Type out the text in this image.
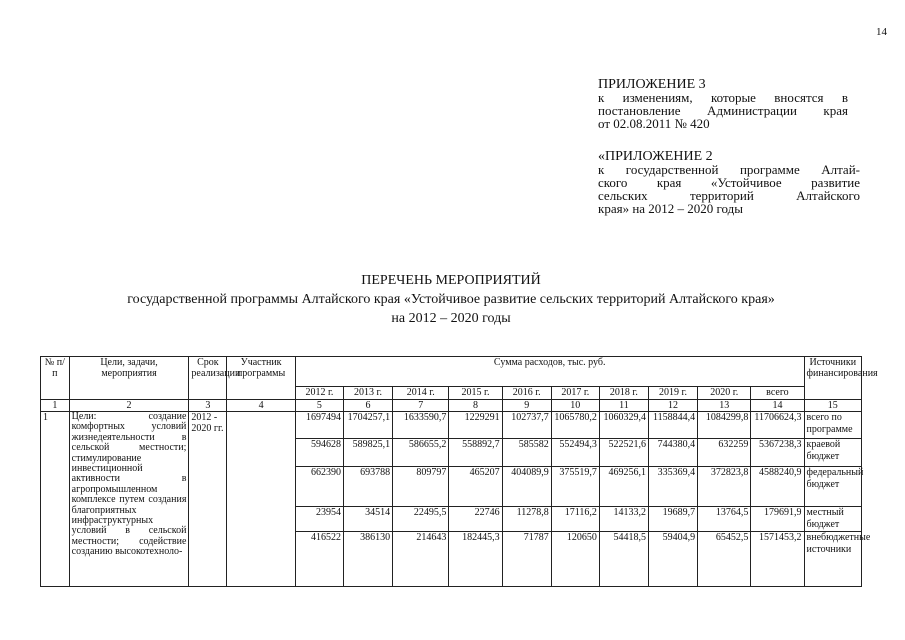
14
ПРИЛОЖЕНИЕ 3
к изменениям, которые вносятся в
постановление Администрации края
от 02.08.2011 № 420
«ПРИЛОЖЕНИЕ 2
к государственной программе Алтай-
ского края «Устойчивое развитие
сельских территорий Алтайского
края» на 2012 – 2020 годы
ПЕРЕЧЕНЬ МЕРОПРИЯТИЙ
государственной программы Алтайского края «Устойчивое развитие сельских территорий Алтайского края»
на 2012 – 2020 годы
№ п/п	Цели, задачи, мероприятия	Срок реализации	Участник программы	Сумма расходов, тыс. руб.										Источники финансирования
				2012 г.	2013 г.	2014 г.	2015 г.	2016 г.	2017 г.	2018 г.	2019 г.	2020 г.	всего	
1	2	3	4	5	6	7	8	9	10	11	12	13	14	15
1	Цели: создание комфортных условий жизнедеятельности в сельской местности; стимулирование инвестиционной активности в агропромышленном комплексе путем создания благоприятных инфраструктурных условий в сельской местности; содействие созданию высокотехноло-	2012 - 2020 гг.		1697494	1704257,1	1633590,7	1229291	102737,7	1065780,2	1060329,4	1158844,4	1084299,8	11706624,3	всего по программе
				594628	589825,1	586655,2	558892,7	585582	552494,3	522521,6	744380,4	632259	5367238,3	краевой бюджет
				662390	693788	809797	465207	404089,9	375519,7	469256,1	335369,4	372823,8	4588240,9	федеральный бюджет
				23954	34514	22495,5	22746	11278,8	17116,2	14133,2	19689,7	13764,5	179691,9	местный бюджет
				416522	386130	214643	182445,3	71787	120650	54418,5	59404,9	65452,5	1571453,2	внебюджетные источники
